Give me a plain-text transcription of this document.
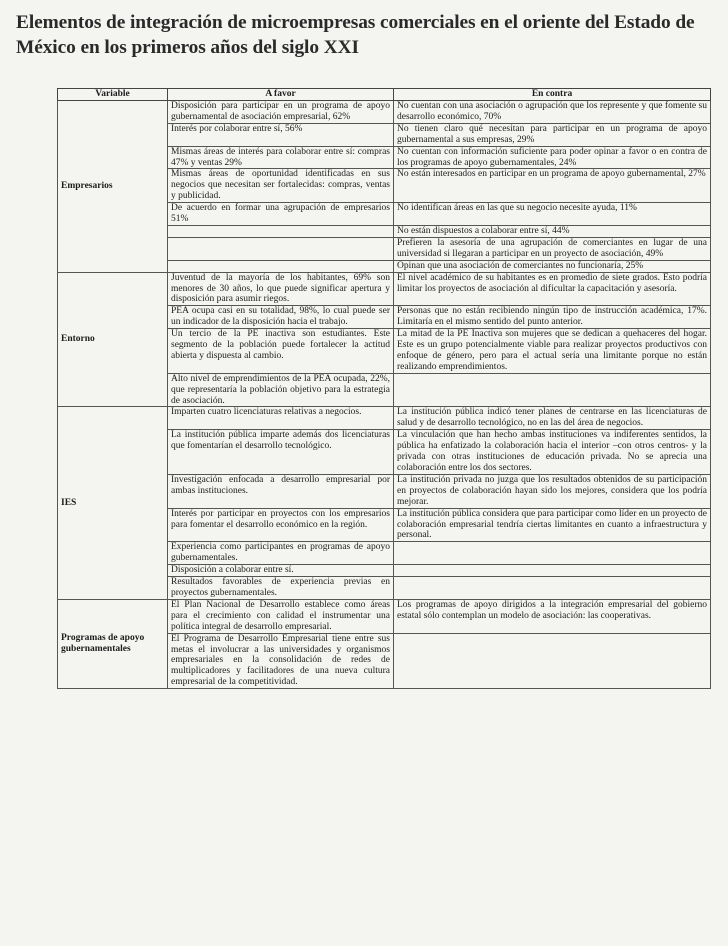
Elementos de integración de microempresas comerciales en el oriente del Estado de México en los primeros años del siglo XXI
Variable	A favor	En contra
Empresarios	Disposición para participar en un programa de apoyo gubernamental de asociación empresarial, 62%	No cuentan con una asociación o agrupación que los represente y que fomente su desarrollo económico, 70%
	Interés por colaborar entre sí, 56%	No tienen claro qué necesitan para participar en un programa de apoyo gubernamental a sus empresas, 29%
	Mismas áreas de interés para colaborar entre sí: compras 47% y ventas 29%	No cuentan con información suficiente para poder opinar a favor o en contra de los programas de apoyo gubernamentales, 24%
	Mismas áreas de oportunidad identificadas en sus negocios que necesitan ser fortalecidas: compras, ventas y publicidad.	No están interesados en participar en un programa de apoyo gubernamental, 27%
	De acuerdo en formar una agrupación de empresarios 51%	No identifican áreas en las que su negocio necesite ayuda, 11%
		No están dispuestos a colaborar entre sí, 44%
		Prefieren la asesoría de una agrupación de comerciantes en lugar de una universidad si llegaran a participar en un proyecto de asociación, 49%
		Opinan que una asociación de comerciantes no funcionaría, 25%
Entorno	Juventud de la mayoría de los habitantes, 69% son menores de 30 años, lo que puede significar apertura y disposición para asumir riegos.	El nivel académico de su habitantes es en promedio de siete grados. Esto podría limitar los proyectos de asociación al dificultar la capacitación y asesoría.
	PEA ocupa casi en su totalidad, 98%, lo cual puede ser un indicador de la disposición hacia el trabajo.	Personas que no están recibiendo ningún tipo de instrucción académica, 17%. Limitaría en el mismo sentido del punto anterior.
	Un tercio de la PE inactiva son estudiantes. Este segmento de la población puede fortalecer la actitud abierta y dispuesta al cambio.	La mitad de la PE Inactiva son mujeres que se dedican a quehaceres del hogar. Este es un grupo potencialmente viable para realizar proyectos productivos con enfoque de género, pero para el actual sería una limitante porque no están realizando emprendimientos.
	Alto nivel de emprendimientos de la PEA ocupada, 22%, que representaría la población objetivo para la estrategia de asociación.	
IES	Imparten cuatro licenciaturas relativas a negocios.	La institución pública indicó tener planes de centrarse en las licenciaturas de salud y de desarrollo tecnológico, no en las del área de negocios.
	La institución pública imparte además dos licenciaturas que fomentarían el desarrollo tecnológico.	La vinculación que han hecho ambas instituciones va indiferentes sentidos, la pública ha enfatizado la colaboración hacia el interior –con otros centros- y la privada con otras instituciones de educación privada. No se aprecia una colaboración entre los dos sectores.
	Investigación enfocada a desarrollo empresarial por ambas instituciones.	La institución privada no juzga que los resultados obtenidos de su participación en proyectos de colaboración hayan sido los mejores, considera que los podría mejorar.
	Interés por participar en proyectos con los empresarios para fomentar el desarrollo económico en la región.	La institución pública considera que para participar como líder en un proyecto de colaboración empresarial tendría ciertas limitantes en cuanto a infraestructura y personal.
	Experiencia como participantes en programas de apoyo gubernamentales.	
	Disposición a colaborar entre sí.	
	Resultados favorables de experiencia previas en proyectos gubernamentales.	
Programas de apoyo gubernamentales	El Plan Nacional de Desarrollo establece como áreas para el crecimiento con calidad el instrumentar una política integral de desarrollo empresarial.	Los programas de apoyo dirigidos a la integración empresarial del gobierno estatal sólo contemplan un modelo de asociación: las cooperativas.
	El Programa de Desarrollo Empresarial tiene entre sus metas el involucrar a las universidades y organismos empresariales en la consolidación de redes de multiplicadores y facilitadores de una nueva cultura empresarial de la competitividad.	
